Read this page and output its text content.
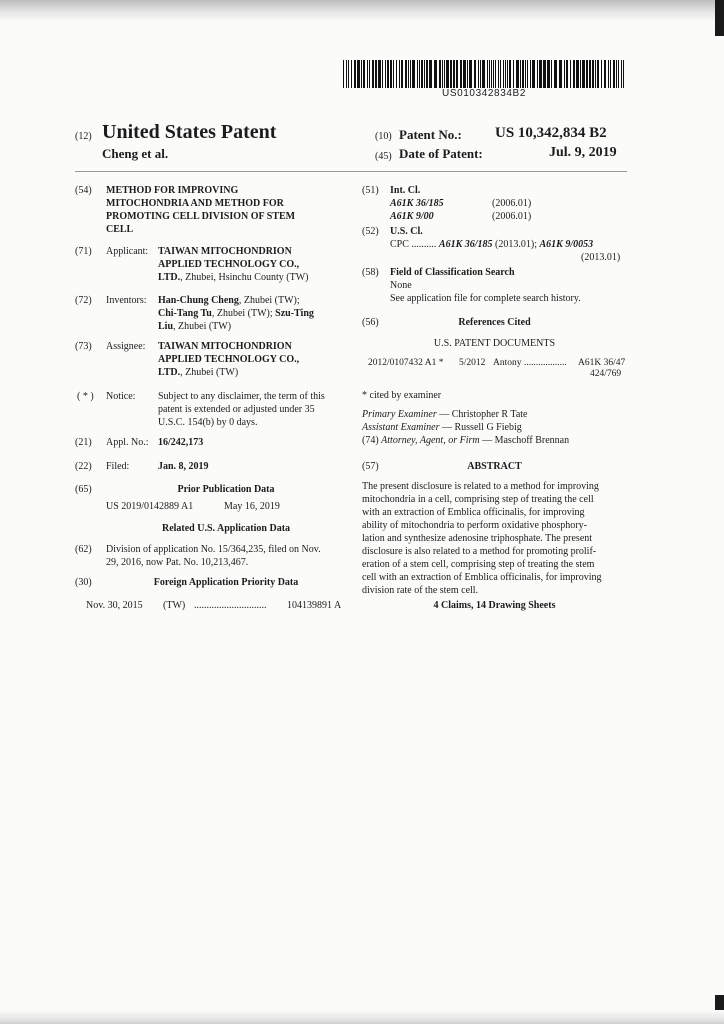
US010342834B2
(12) United States Patent
Cheng et al.
(10) Patent No.: US 10,342,834 B2
(45) Date of Patent:	Jul. 9, 2019
(54) METHOD FOR IMPROVING
MITOCHONDRIA AND METHOD FOR
PROMOTING CELL DIVISION OF STEM
CELL
(71) Applicant: TAIWAN MITOCHONDRION
APPLIED TECHNOLOGY CO.,
LTD., Zhubei, Hsinchu County (TW)
(72) Inventors: Han-Chung Cheng, Zhubei (TW);
Chi-Tang Tu, Zhubei (TW); Szu-Ting
Liu, Zhubei (TW)
(73) Assignee: TAIWAN MITOCHONDRION
APPLIED TECHNOLOGY CO.,
LTD., Zhubei (TW)
( * ) Notice: Subject to any disclaimer, the term of this
patent is extended or adjusted under 35
U.S.C. 154(b) by 0 days.
(21) Appl. No.: 16/242,173
(22) Filed:	Jan. 8, 2019
(65)	Prior Publication Data
US 2019/0142889 A1	May 16, 2019
Related U.S. Application Data
(62) Division of application No. 15/364,235, filed on Nov.
29, 2016, now Pat. No. 10,213,467.
(30)	Foreign Application Priority Data
Nov. 30, 2015 (TW) ............................. 104139891 A
(51) Int. Cl.
A61K 36/185	(2006.01)
A61K 9/00	(2006.01)
(52) U.S. Cl.
CPC .......... A61K 36/185 (2013.01); A61K 9/0053
(2013.01)
(58) Field of Classification Search
None
See application file for complete search history.
(56)	References Cited
U.S. PATENT DOCUMENTS
2012/0107432 A1 * 5/2012 Antony .................. A61K 36/47
424/769
* cited by examiner
Primary Examiner — Christopher R Tate
Assistant Examiner — Russell G Fiebig
(74) Attorney, Agent, or Firm — Maschoff Brennan
(57)	ABSTRACT
The present disclosure is related to a method for improving
mitochondria in a cell, comprising step of treating the cell
with an extraction of Emblica officinalis, for improving
ability of mitochondria to perform oxidative phosphory-
lation and synthesize adenosine triphosphate. The present
disclosure is also related to a method for promoting prolif-
eration of a stem cell, comprising step of treating the stem
cell with an extraction of Emblica officinalis, for improving
division rate of the stem cell.
4 Claims, 14 Drawing Sheets
